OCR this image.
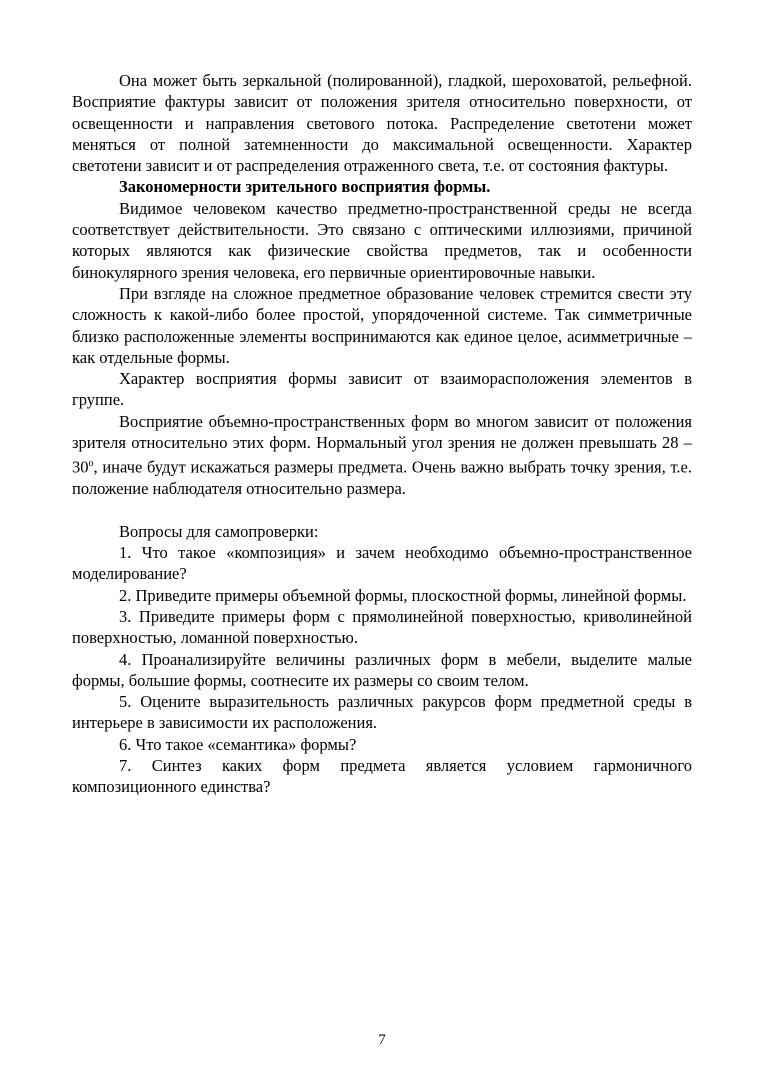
Она может быть зеркальной (полированной), гладкой, шероховатой, рельефной. Восприятие фактуры зависит от положения зрителя относительно поверхности, от освещенности и направления светового потока. Распределение светотени может меняться от полной затемненности до максимальной освещенности. Характер светотени зависит и от распределения отраженного света, т.е. от состояния фактуры.

Закономерности зрительного восприятия формы.

Видимое человеком качество предметно-пространственной среды не всегда соответствует действительности. Это связано с оптическими иллюзиями, причиной которых являются как физические свойства предметов, так и особенности бинокулярного зрения человека, его первичные ориентировочные навыки.

При взгляде на сложное предметное образование человек стремится свести эту сложность к какой-либо более простой, упорядоченной системе. Так симметричные близко расположенные элементы воспринимаются как единое целое, асимметричные – как отдельные формы.

Характер восприятия формы зависит от взаиморасположения элементов в группе.

Восприятие объемно-пространственных форм во многом зависит от положения зрителя относительно этих форм. Нормальный угол зрения не должен превышать $28 - 30^о$, иначе будут искажаться размеры предмета. Очень важно выбрать точку зрения, т.е. положение наблюдателя относительно размера.

Вопросы для самопроверки:

1. Что такое «композиция» и зачем необходимо объемно-пространственное моделирование?

2. Приведите примеры объемной формы, плоскостной формы, линейной формы.

3. Приведите примеры форм с прямолинейной поверхностью, криволинейной поверхностью, ломанной поверхностью.

4. Проанализируйте величины различных форм в мебели, выделите малые формы, большие формы, соотнесите их размеры со своим телом.

5. Оцените выразительность различных ракурсов форм предметной среды в интерьере в зависимости их расположения.

6. Что такое «семантика» формы?

7. Синтез каких форм предмета является условием гармоничного композиционного единства?

7
